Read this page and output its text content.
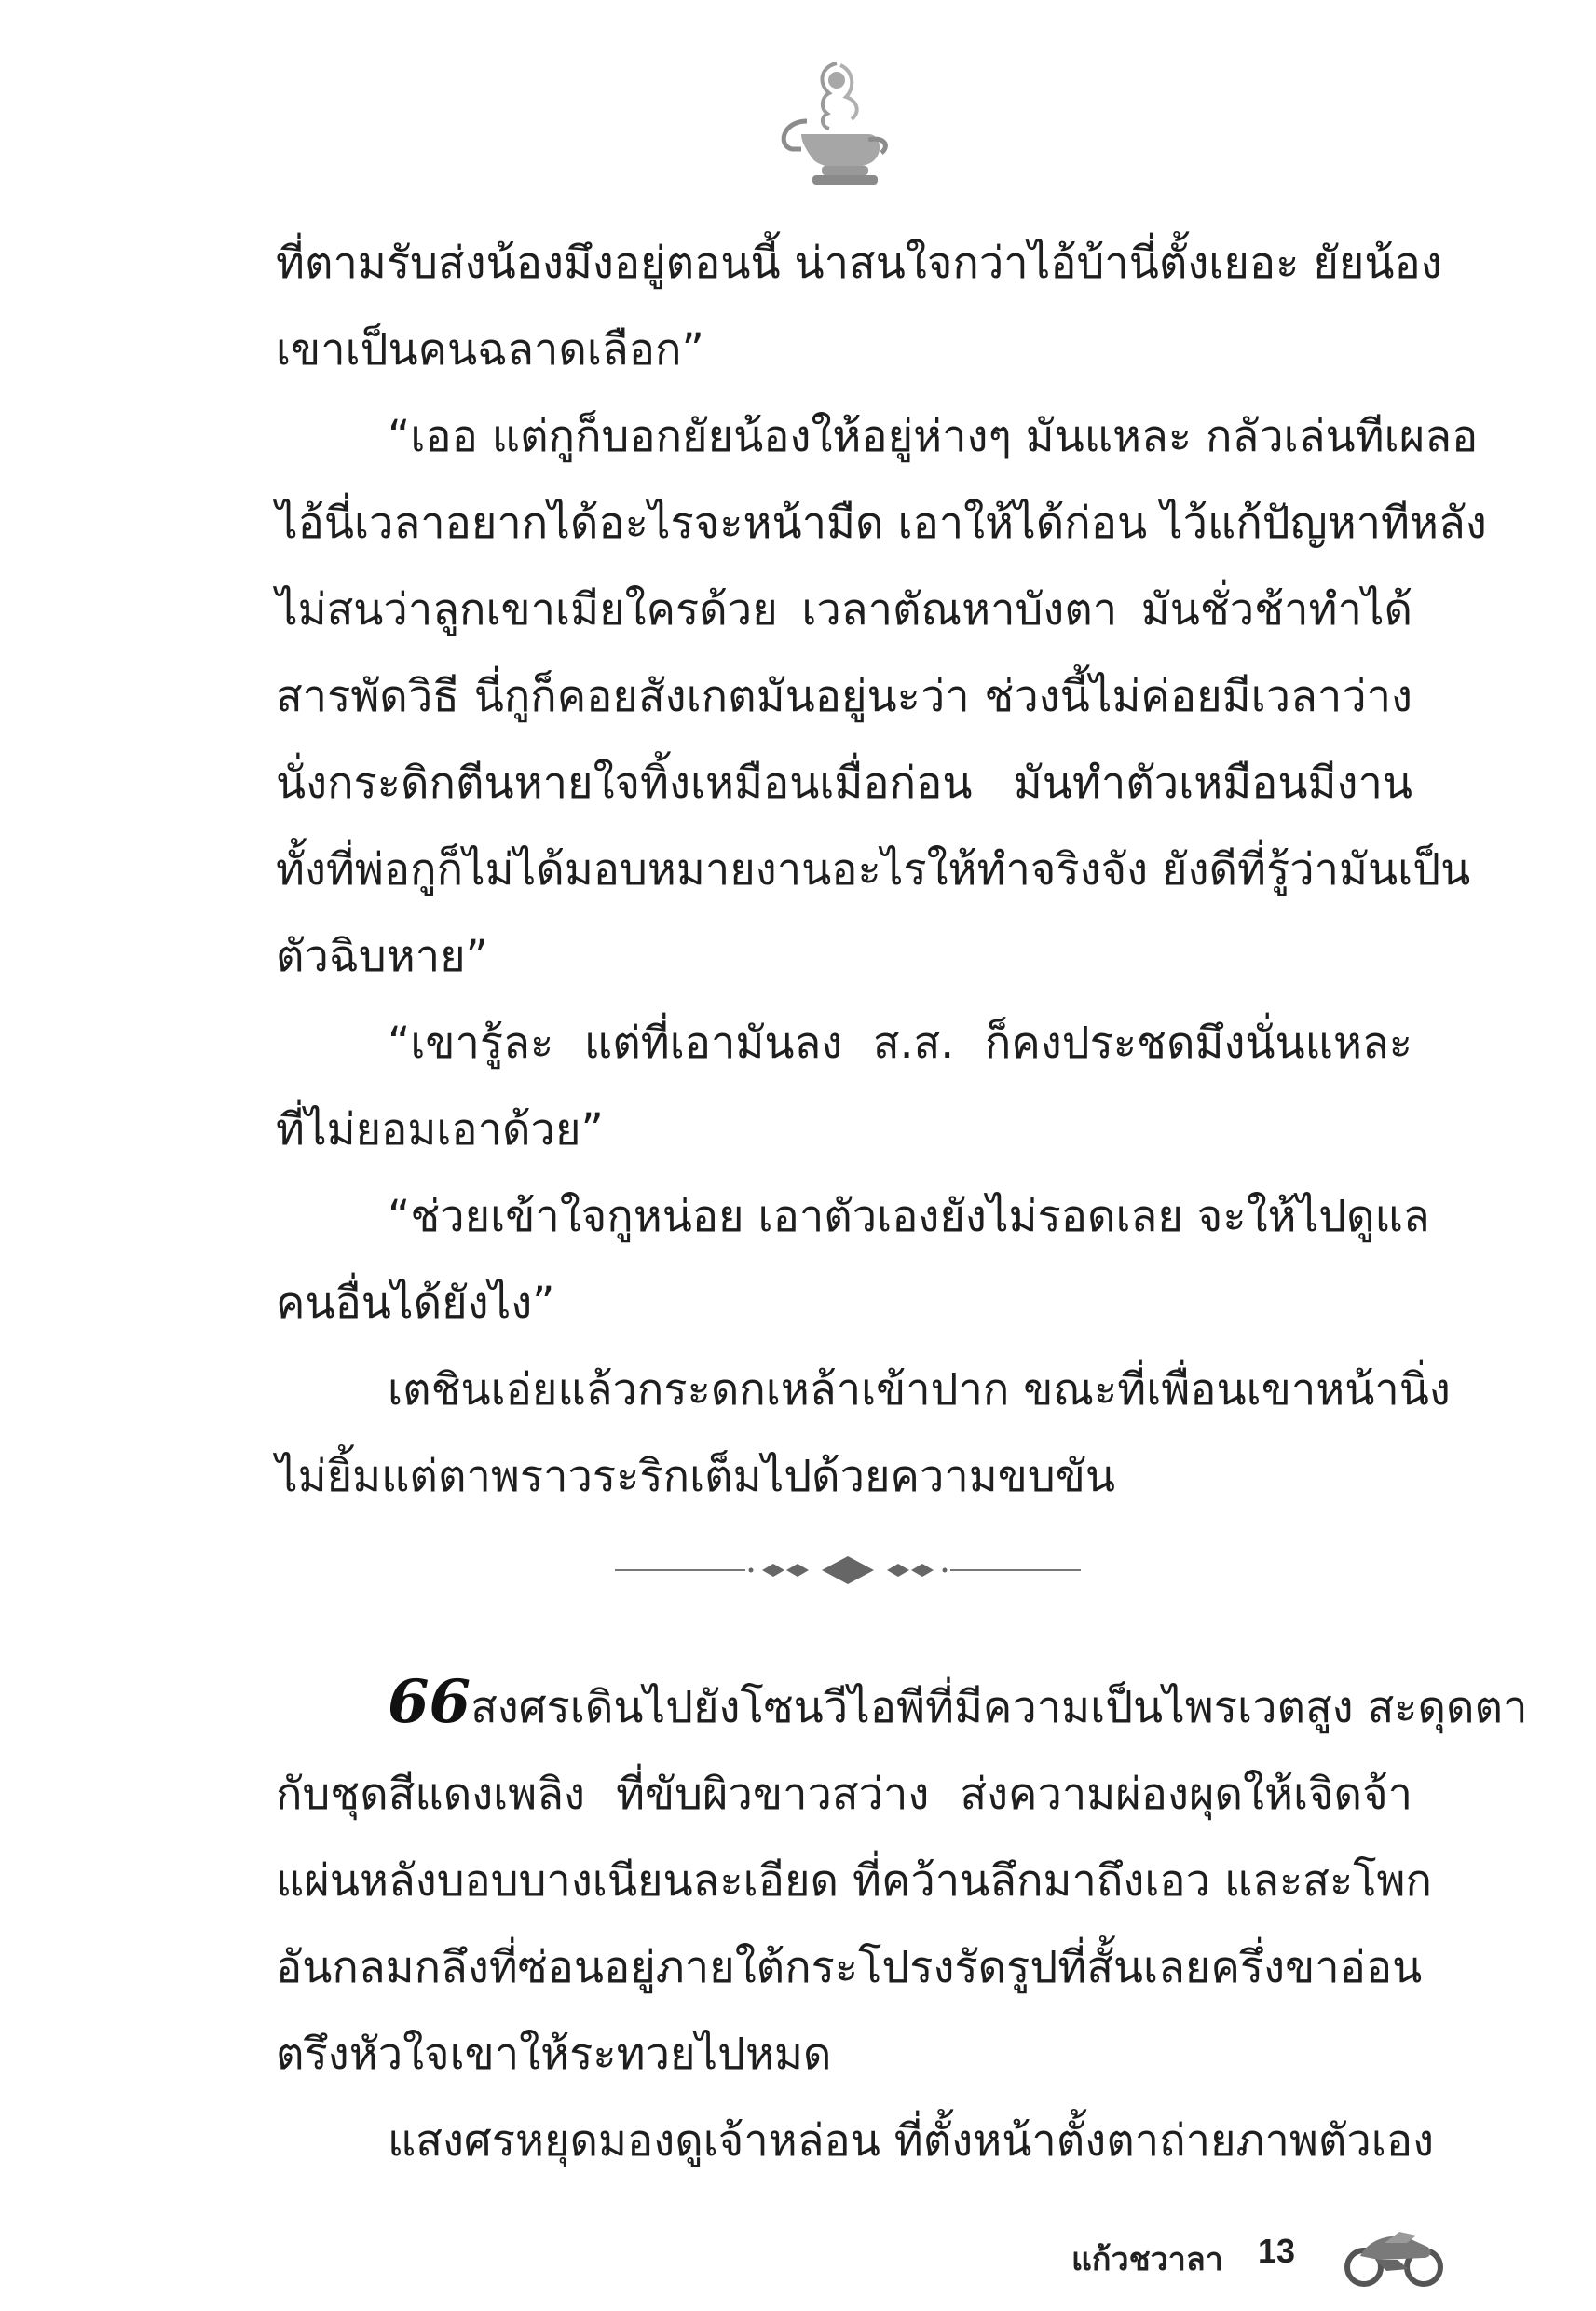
ที่ตามรับส่งน้องมึงอยู่ตอนนี้ น่าสนใจกว่าไอ้บ้านี่ตั้งเยอะ ยัยน้อง
เขาเป็นคนฉลาดเลือก”
“เออ แต่กูก็บอกยัยน้องให้อยู่ห่างๆ มันแหละ กลัวเล่นทีเผลอ
ไอ้นี่เวลาอยากได้อะไรจะหน้ามืด เอาให้ได้ก่อน ไว้แก้ปัญหาทีหลัง
ไม่สนว่าลูกเขาเมียใครด้วย เวลาตัณหาบังตา มันชั่วช้าทำได้
สารพัดวิธี นี่กูก็คอยสังเกตมันอยู่นะว่า ช่วงนี้ไม่ค่อยมีเวลาว่าง
นั่งกระดิกตีนหายใจทิ้งเหมือนเมื่อก่อน มันทำตัวเหมือนมีงาน
ทั้งที่พ่อกูก็ไม่ได้มอบหมายงานอะไรให้ทำจริงจัง ยังดีที่รู้ว่ามันเป็น
ตัวฉิบหาย”
“เขารู้ละ แต่ที่เอามันลง ส.ส. ก็คงประชดมึงนั่นแหละ
ที่ไม่ยอมเอาด้วย”
“ช่วยเข้าใจกูหน่อย เอาตัวเองยังไม่รอดเลย จะให้ไปดูแล
คนอื่นได้ยังไง”
เตชินเอ่ยแล้วกระดกเหล้าเข้าปาก ขณะที่เพื่อนเขาหน้านิ่ง
ไม่ยิ้มแต่ตาพราวระริกเต็มไปด้วยความขบขัน
66สงศรเดินไปยังโซนวีไอพีที่มีความเป็นไพรเวตสูง สะดุดตา
กับชุดสีแดงเพลิง ที่ขับผิวขาวสว่าง ส่งความผ่องผุดให้เจิดจ้า
แผ่นหลังบอบบางเนียนละเอียด ที่คว้านลึกมาถึงเอว และสะโพก
อันกลมกลึงที่ซ่อนอยู่ภายใต้กระโปรงรัดรูปที่สั้นเลยครึ่งขาอ่อน
ตรึงหัวใจเขาให้ระทวยไปหมด
แสงศรหยุดมองดูเจ้าหล่อน ที่ตั้งหน้าตั้งตาถ่ายภาพตัวเอง
แก้วชวาลา 13
